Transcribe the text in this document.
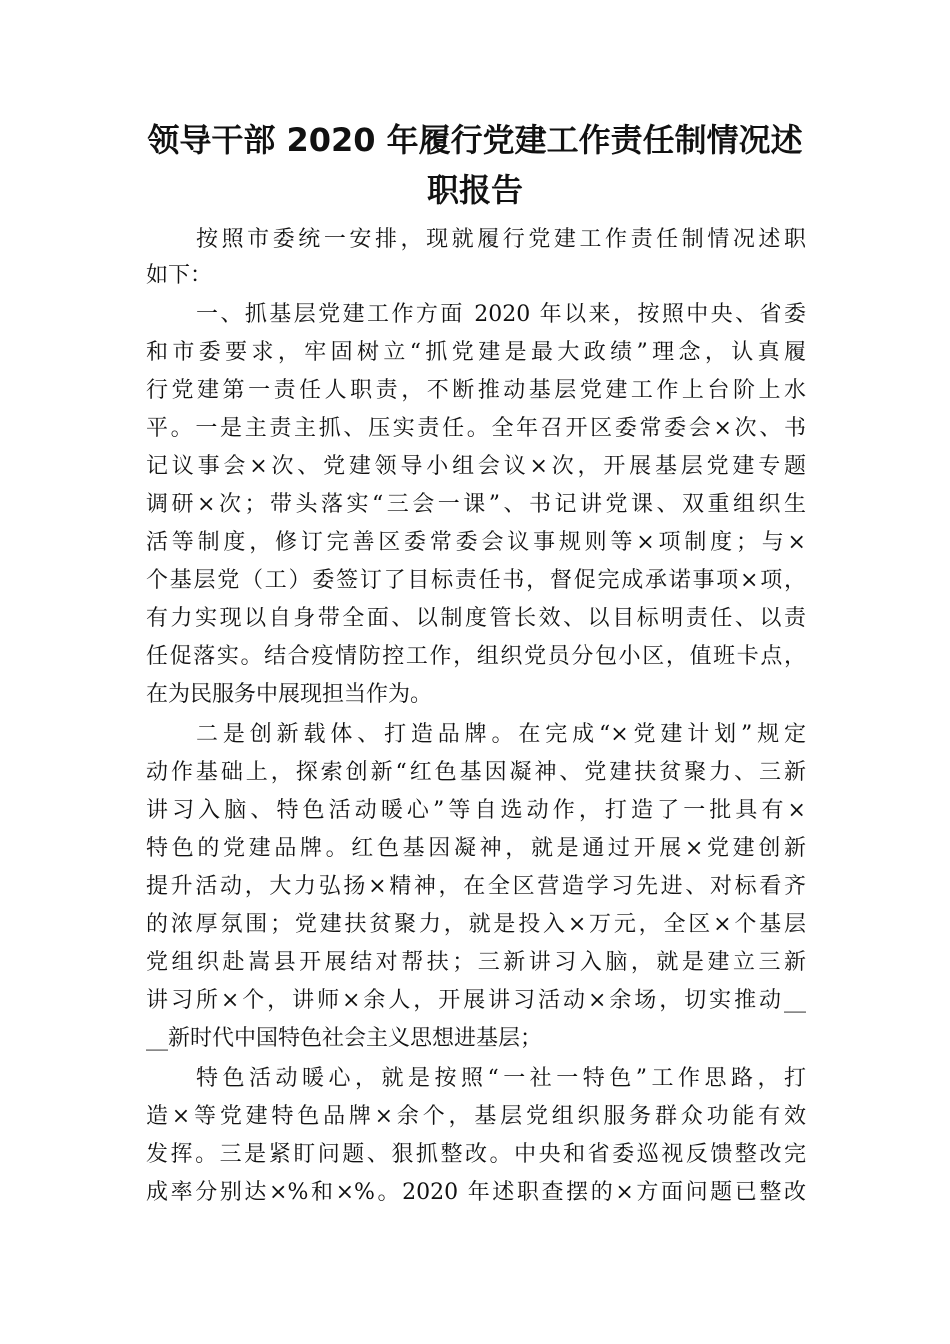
领导干部 2020 年履行党建工作责任制情况述
职报告

按照市委统一安排，现就履行党建工作责任制情况述职

如下：

一、抓基层党建工作方面 2020 年以来，按照中央、省委

和市委要求，牢固树立“抓党建是最大政绩”理念，认真履

行党建第一责任人职责，不断推动基层党建工作上台阶上水

平。一是主责主抓、压实责任。全年召开区委常委会×次、书

记议事会×次、党建领导小组会议×次，开展基层党建专题

调研×次；带头落实“三会一课”、书记讲党课、双重组织生

活等制度，修订完善区委常委会议事规则等×项制度；与×

个基层党（工）委签订了目标责任书，督促完成承诺事项×项，

有力实现以自身带全面、以制度管长效、以目标明责任、以责

任促落实。结合疫情防控工作，组织党员分包小区，值班卡点，

在为民服务中展现担当作为。

二是创新载体、打造品牌。在完成“×党建计划”规定

动作基础上，探索创新“红色基因凝神、党建扶贫聚力、三新

讲习入脑、特色活动暖心”等自选动作，打造了一批具有×

特色的党建品牌。红色基因凝神，就是通过开展×党建创新

提升活动，大力弘扬×精神，在全区营造学习先进、对标看齐

的浓厚氛围；党建扶贫聚力，就是投入×万元，全区×个基层

党组织赴嵩县开展结对帮扶；三新讲习入脑，就是建立三新

讲习所×个，讲师×余人，开展讲习活动×余场，切实推动__

__新时代中国特色社会主义思想进基层；

特色活动暖心，就是按照“一社一特色”工作思路，打

造×等党建特色品牌×余个，基层党组织服务群众功能有效

发挥。三是紧盯问题、狠抓整改。中央和省委巡视反馈整改完

成率分别达×%和×%。2020 年述职查摆的×方面问题已整改
